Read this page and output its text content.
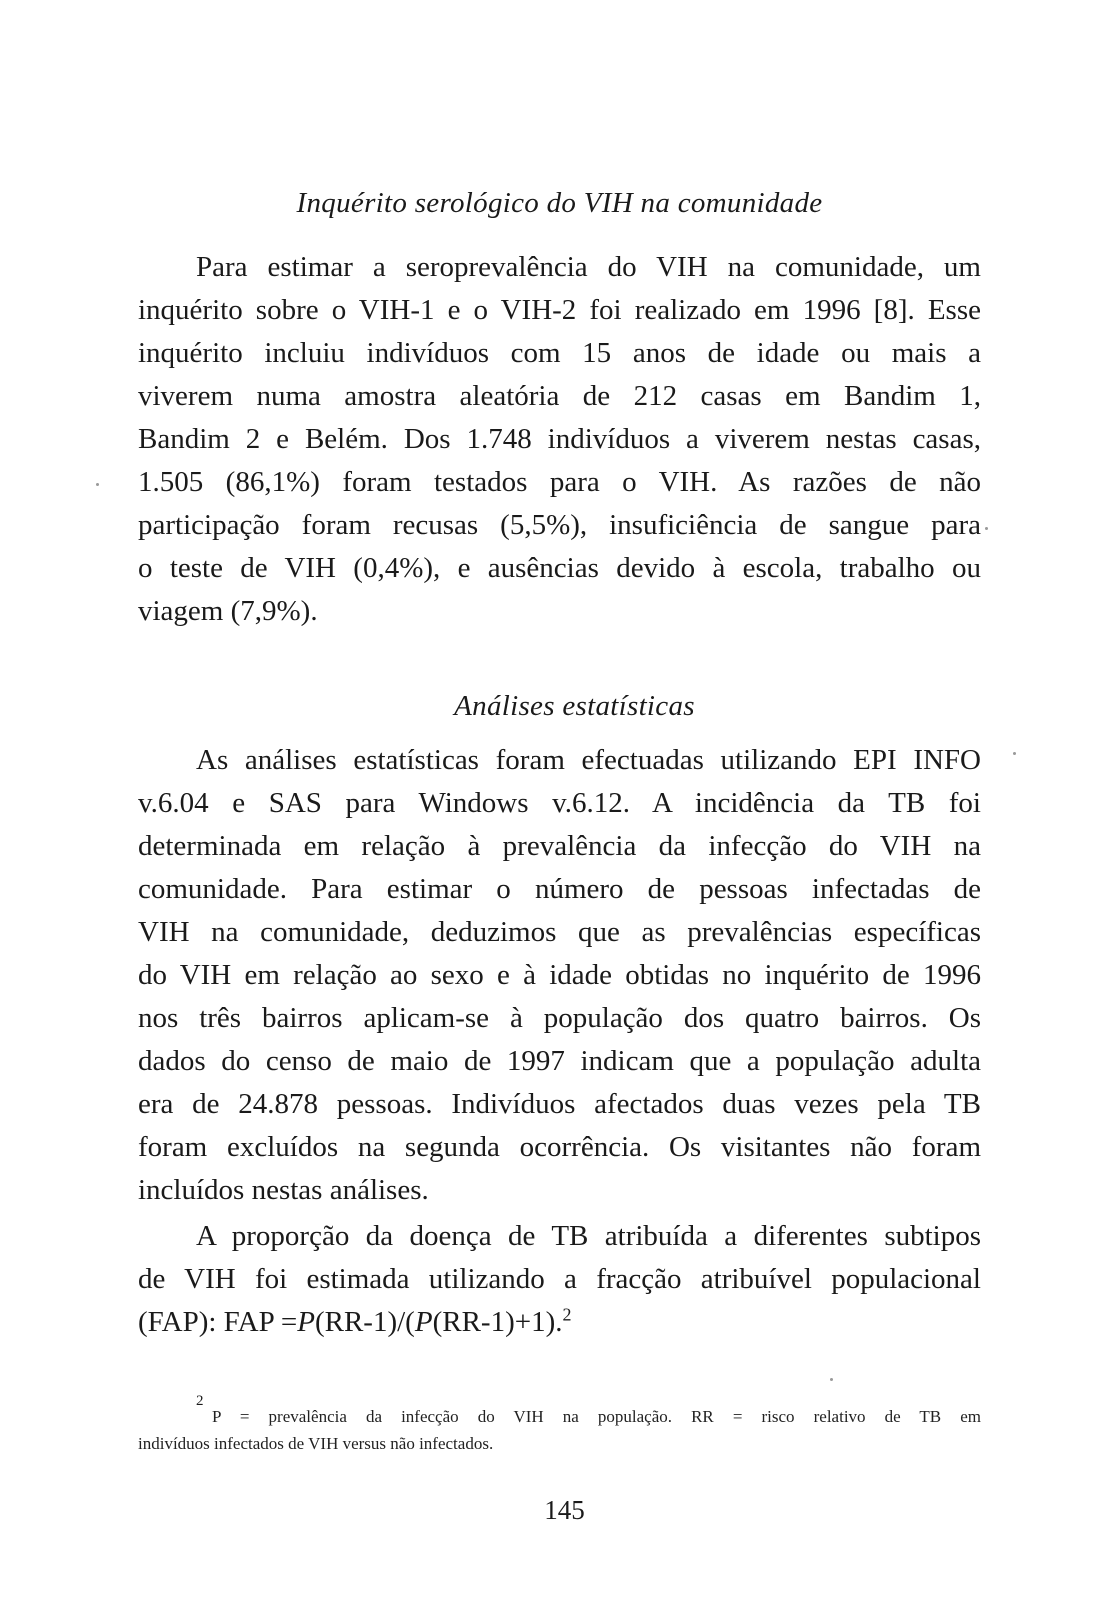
Inquérito serológico do VIH na comunidade
Para estimar a seroprevalência do VIH na comunidade, um
inquérito sobre o VIH-1 e o VIH-2 foi realizado em 1996 [8]. Esse
inquérito incluiu indivíduos com 15 anos de idade ou mais a
viverem numa amostra aleatória de 212 casas em Bandim 1,
Bandim 2 e Belém. Dos 1.748 indivíduos a viverem nestas casas,
1.505 (86,1%) foram testados para o VIH. As razões de não
participação foram recusas (5,5%), insuficiência de sangue para
o teste de VIH (0,4%), e ausências devido à escola, trabalho ou
viagem (7,9%).
Análises estatísticas
As análises estatísticas foram efectuadas utilizando EPI INFO
v.6.04 e SAS para Windows v.6.12. A incidência da TB foi
determinada em relação à prevalência da infecção do VIH na
comunidade. Para estimar o número de pessoas infectadas de
VIH na comunidade, deduzimos que as prevalências específicas
do VIH em relação ao sexo e à idade obtidas no inquérito de 1996
nos três bairros aplicam-se à população dos quatro bairros. Os
dados do censo de maio de 1997 indicam que a população adulta
era de 24.878 pessoas. Indivíduos afectados duas vezes pela TB
foram excluídos na segunda ocorrência. Os visitantes não foram
incluídos nestas análises.
A proporção da doença de TB atribuída a diferentes subtipos
de VIH foi estimada utilizando a fracção atribuível populacional
(FAP): FAP =P(RR-1)/(P(RR-1)+1).$^2$
2
P = prevalência da infecção do VIH na população. RR = risco relativo de TB em
indivíduos infectados de VIH versus não infectados.
145
